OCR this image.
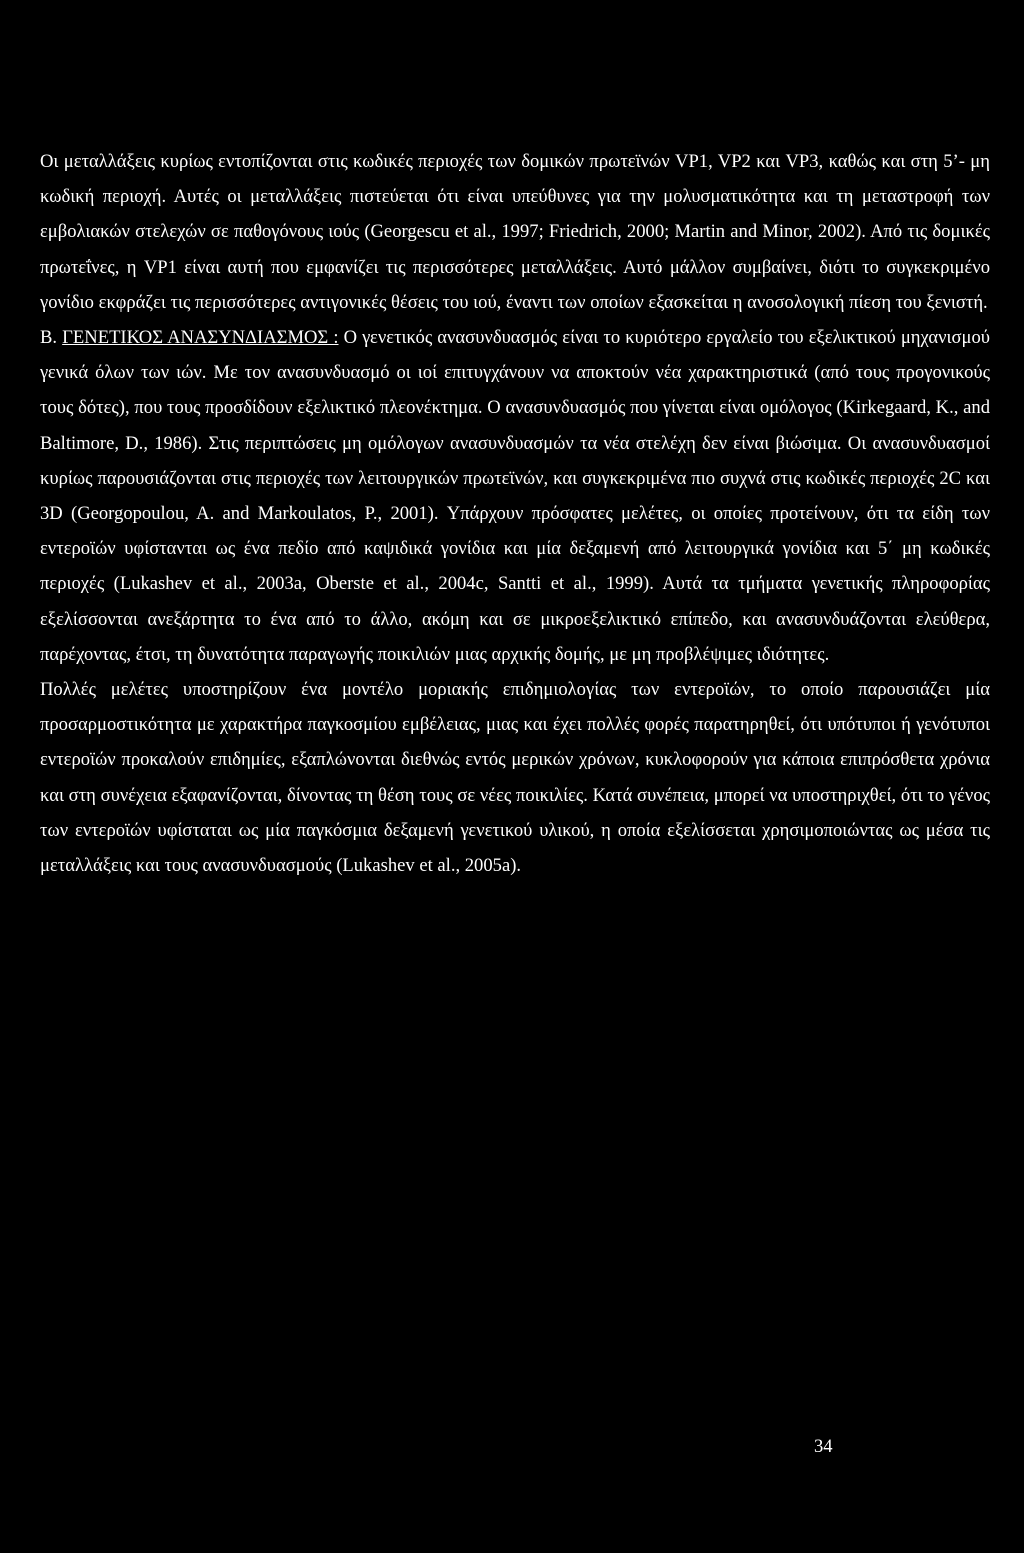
Οι μεταλλάξεις κυρίως εντοπίζονται στις κωδικές περιοχές των δομικών πρωτεϊνών VP1, VP2 και VP3, καθώς και στη 5’- μη κωδική περιοχή. Αυτές οι μεταλλάξεις πιστεύεται ότι είναι υπεύθυνες για την μολυσματικότητα και τη μεταστροφή των εμβολιακών στελεχών σε παθογόνους ιούς (Georgescu et al., 1997; Friedrich, 2000; Martin and Minor, 2002). Από τις δομικές πρωτεΐνες, η VP1 είναι αυτή που εμφανίζει τις περισσότερες μεταλλάξεις. Αυτό μάλλον συμβαίνει, διότι το συγκεκριμένο γονίδιο εκφράζει τις περισσότερες αντιγονικές θέσεις του ιού, έναντι των οποίων εξασκείται η ανοσολογική πίεση του ξενιστή.

Β. ΓΕΝΕΤΙΚΟΣ ΑΝΑΣΥΝΔΙΑΣΜΟΣ : Ο γενετικός ανασυνδυασμός είναι το κυριότερο εργαλείο του εξελικτικού μηχανισμού γενικά όλων των ιών. Με τον ανασυνδυασμό οι ιοί επιτυγχάνουν να αποκτούν νέα χαρακτηριστικά (από τους προγονικούς τους δότες), που τους προσδίδουν εξελικτικό πλεονέκτημα. Ο ανασυνδυασμός που γίνεται είναι ομόλογος (Kirkegaard, K., and Baltimore, D., 1986). Στις περιπτώσεις μη ομόλογων ανασυνδυασμών τα νέα στελέχη δεν είναι βιώσιμα. Οι ανασυνδυασμοί κυρίως παρουσιάζονται στις περιοχές των λειτουργικών πρωτεϊνών, και συγκεκριμένα πιο συχνά στις κωδικές περιοχές 2C και 3D (Georgopoulou, A. and Markoulatos, P., 2001). Υπάρχουν πρόσφατες μελέτες, οι οποίες προτείνουν, ότι τα είδη των εντεροϊών υφίστανται ως ένα πεδίο από καψιδικά γονίδια και μία δεξαμενή από λειτουργικά γονίδια και 5΄ μη κωδικές περιοχές (Lukashev et al., 2003a, Oberste et al., 2004c, Santti et al., 1999). Αυτά τα τμήματα γενετικής πληροφορίας εξελίσσονται ανεξάρτητα το ένα από το άλλο, ακόμη και σε μικροεξελικτικό επίπεδο, και ανασυνδυάζονται ελεύθερα, παρέχοντας, έτσι, τη δυνατότητα παραγωγής ποικιλιών μιας αρχικής δομής, με μη προβλέψιμες ιδιότητες.

Πολλές μελέτες υποστηρίζουν ένα μοντέλο μοριακής επιδημιολογίας των εντεροϊών, το οποίο παρουσιάζει μία προσαρμοστικότητα με χαρακτήρα παγκοσμίου εμβέλειας, μιας και έχει πολλές φορές παρατηρηθεί, ότι υπότυποι ή γενότυποι εντεροϊών προκαλούν επιδημίες, εξαπλώνονται διεθνώς εντός μερικών χρόνων, κυκλοφορούν για κάποια επιπρόσθετα χρόνια και στη συνέχεια εξαφανίζονται, δίνοντας τη θέση τους σε νέες ποικιλίες. Κατά συνέπεια, μπορεί να υποστηριχθεί, ότι το γένος των εντεροϊών υφίσταται ως μία παγκόσμια δεξαμενή γενετικού υλικού, η οποία εξελίσσεται χρησιμοποιώντας ως μέσα τις μεταλλάξεις και τους ανασυνδυασμούς (Lukashev et al., 2005a).

34
